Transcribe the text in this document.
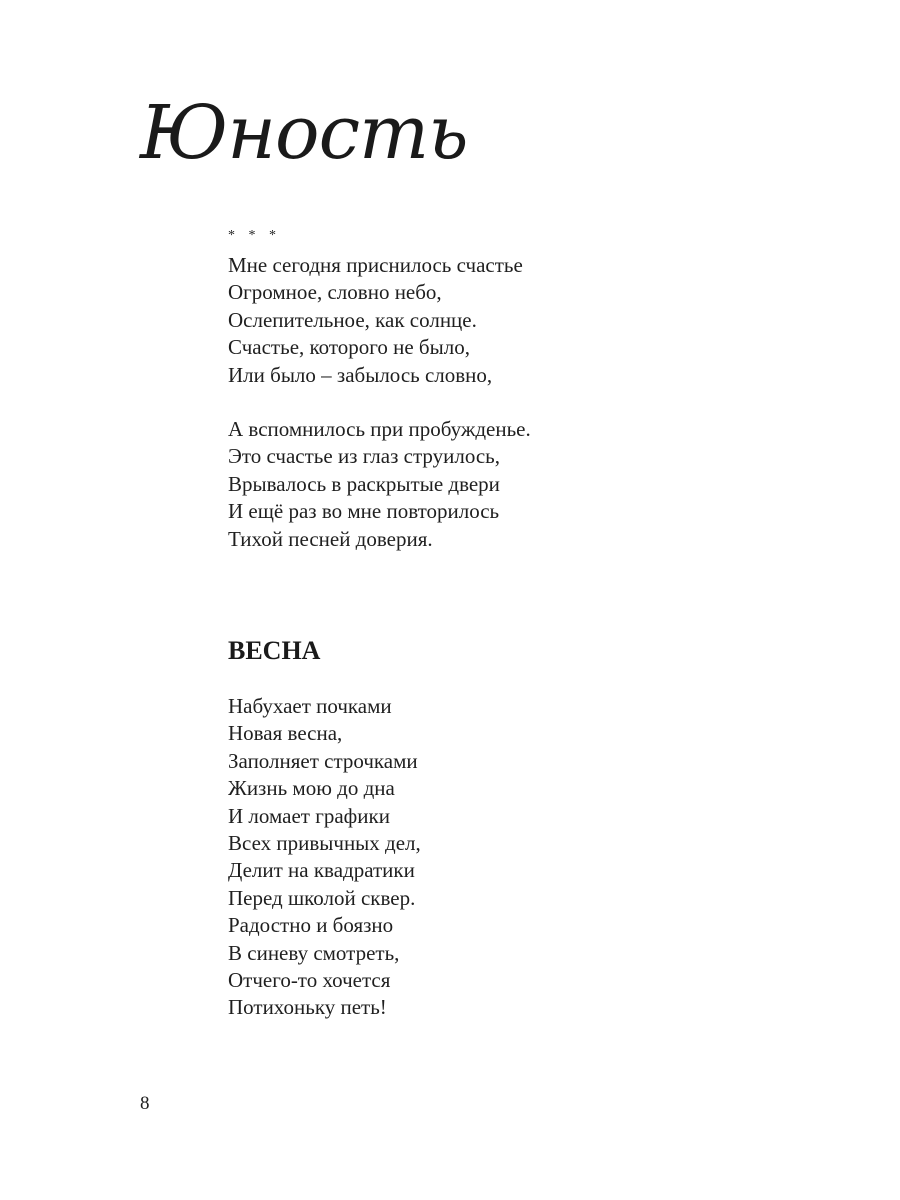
Юность
* * *

Мне сегодня приснилось счастье
Огромное, словно небо,
Ослепительное, как солнце.
Счастье, которого не было,
Или было – забылось словно,

А вспомнилось при пробужденье.
Это счастье из глаз струилось,
Врывалось в раскрытые двери
И ещё раз во мне повторилось
Тихой песней доверия.

ВЕСНА

Набухает почками
Новая весна,
Заполняет строчками
Жизнь мою до дна
И ломает графики
Всех привычных дел,
Делит на квадратики
Перед школой сквер.
Радостно и боязно
В синеву смотреть,
Отчего-то хочется
Потихоньку петь!

8
